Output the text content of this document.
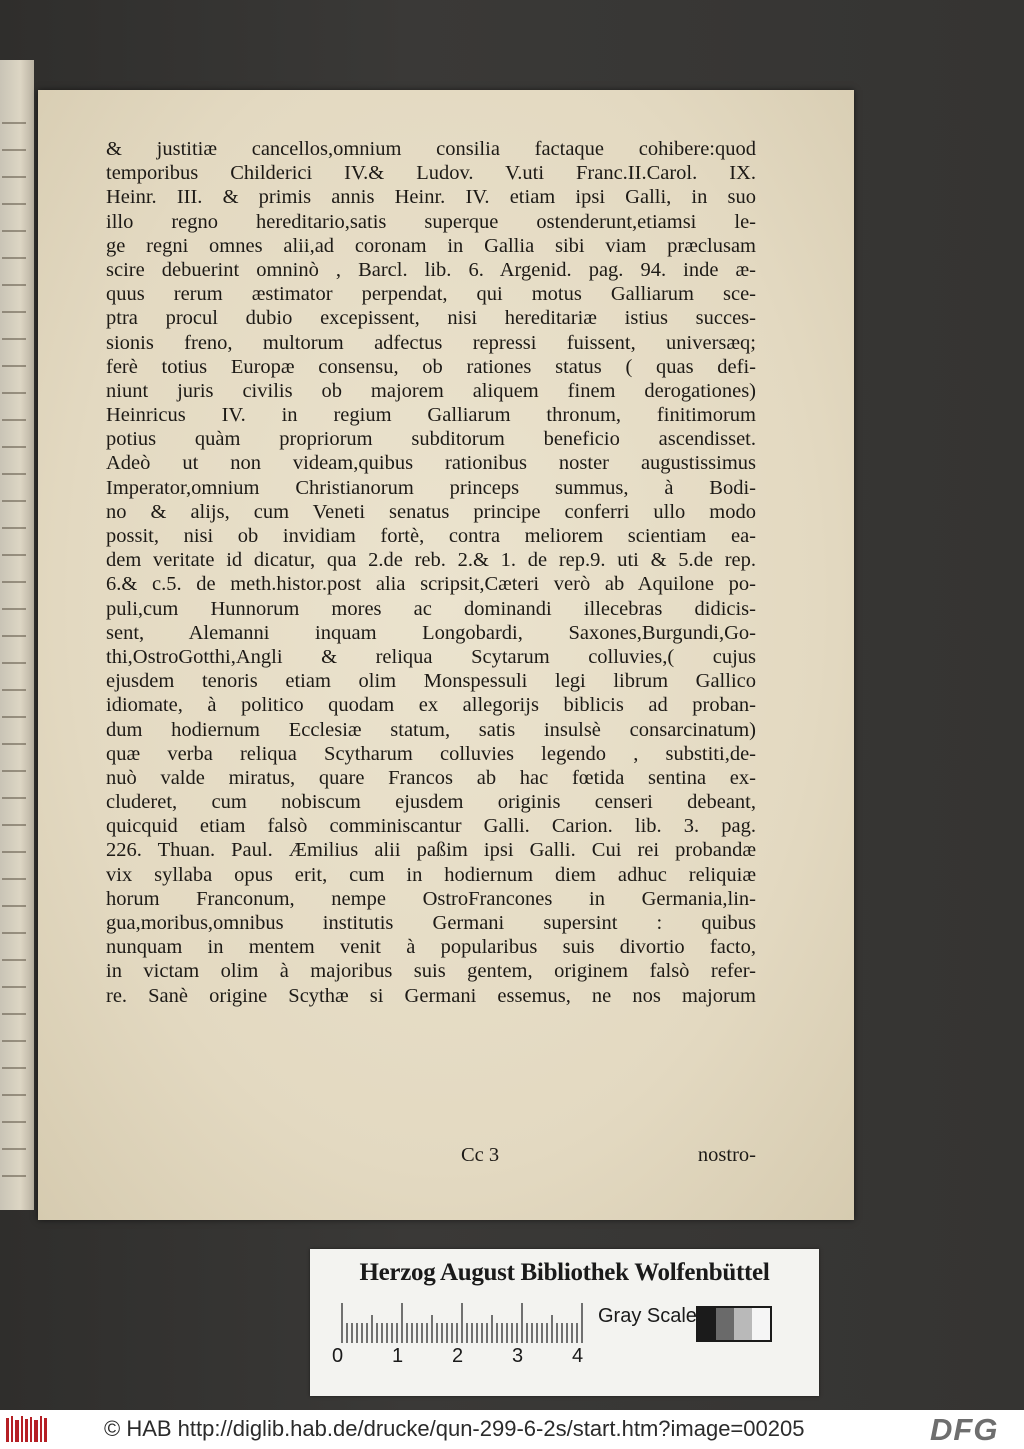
& justitiæ cancellos,omnium consilia factaque cohibere:quod
temporibus Childerici IV.& Ludov. V.uti Franc.II.Carol. IX.
Heinr. III. & primis annis Heinr. IV. etiam ipsi Galli, in suo
illo regno hereditario,satis superque ostenderunt,etiamsi le-
ge regni omnes alii,ad coronam in Gallia sibi viam præclusam
scire debuerint omninò , Barcl. lib. 6. Argenid. pag. 94. inde æ-
quus rerum æstimator perpendat, qui motus Galliarum sce-
ptra procul dubio excepissent, nisi hereditariæ istius succes-
sionis freno, multorum adfectus repressi fuissent, universæq;
ferè totius Europæ consensu, ob rationes status ( quas defi-
niunt juris civilis ob majorem aliquem finem derogationes)
Heinricus IV. in regium Galliarum thronum, finitimorum
potius quàm propriorum subditorum beneficio ascendisset.
Adeò ut non videam,quibus rationibus noster augustissimus
Imperator,omnium Christianorum princeps summus, à Bodi-
no & alijs, cum Veneti senatus principe conferri ullo modo
possit, nisi ob invidiam fortè, contra meliorem scientiam ea-
dem veritate id dicatur, qua 2.de reb. 2.& 1. de rep.9. uti & 5.de rep.
6.& c.5. de meth.histor.post alia scripsit,Cæteri verò ab Aquilone po-
puli,cum Hunnorum mores ac dominandi illecebras didicis-
sent, Alemanni inquam Longobardi, Saxones,Burgundi,Go-
thi,OstroGotthi,Angli & reliqua Scytarum colluvies,( cujus
ejusdem tenoris etiam olim Monspessuli legi librum Gallico
idiomate, à politico quodam ex allegorijs biblicis ad proban-
dum hodiernum Ecclesiæ statum, satis insulsè consarcinatum)
quæ verba reliqua Scytharum colluvies legendo , substiti,de-
nuò valde miratus, quare Francos ab hac fœtida sentina ex-
cluderet, cum nobiscum ejusdem originis censeri debeant,
quicquid etiam falsò comminiscantur Galli. Carion. lib. 3. pag.
226. Thuan. Paul. Æmilius alii paßim ipsi Galli. Cui rei probandæ
vix syllaba opus erit, cum in hodiernum diem adhuc reliquiæ
horum Franconum, nempe OstroFrancones in Germania,lin-
gua,moribus,omnibus institutis Germani supersint : quibus
nunquam in mentem venit à popularibus suis divortio facto,
in victam olim à majoribus suis gentem, originem falsò refer-
re. Sanè origine Scythæ si Germani essemus, ne nos majorum
Cc 3	nostro-
Herzog August Bibliothek Wolfenbüttel
0 1 2 3 4
Gray Scale
© HAB http://diglib.hab.de/drucke/qun-299-6-2s/start.htm?image=00205	DFG
